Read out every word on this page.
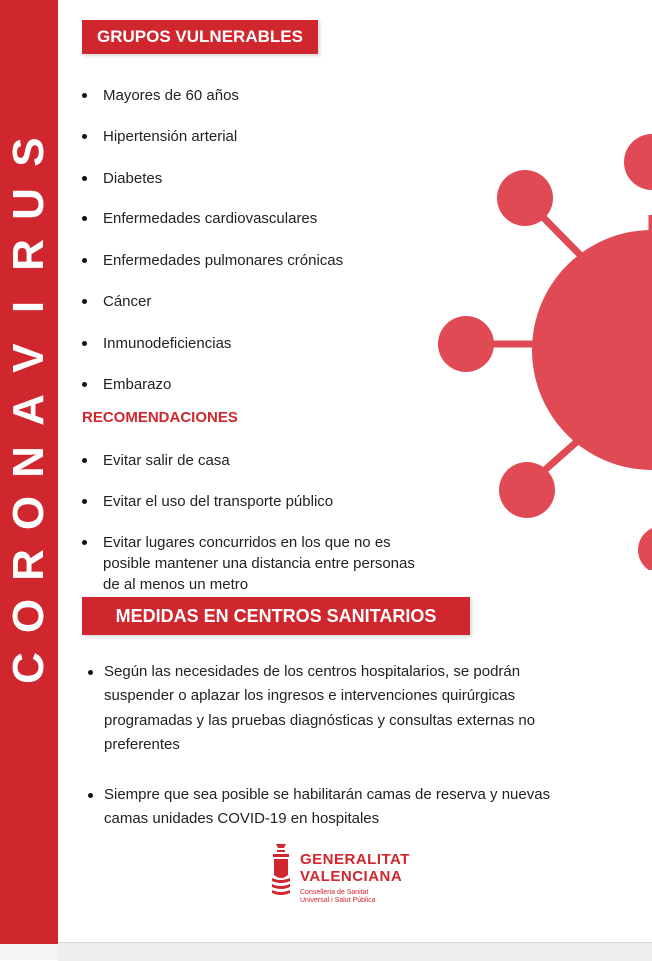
S
U
R
I
V
A
N
O
R
O
C
GRUPOS VULNERABLES
Mayores de 60 años
Hipertensión arterial
Diabetes
Enfermedades cardiovasculares
Enfermedades pulmonares crónicas
Cáncer
Inmunodeficiencias
Embarazo
RECOMENDACIONES
Evitar salir de casa
Evitar el uso del transporte público
Evitar lugares concurridos en los que no es
posible mantener una distancia entre personas
de al menos un metro
MEDIDAS EN CENTROS SANITARIOS
Según las necesidades de los centros hospitalarios, se podrán
suspender o aplazar los ingresos e intervenciones quirúrgicas
programadas y las pruebas diagnósticas y consultas externas no
preferentes
Siempre que sea posible se habilitarán camas de reserva y nuevas
camas unidades COVID-19 en hospitales
GENERALITAT
VALENCIANA
Conselleria de Sanitat
Universal i Salut Pública
